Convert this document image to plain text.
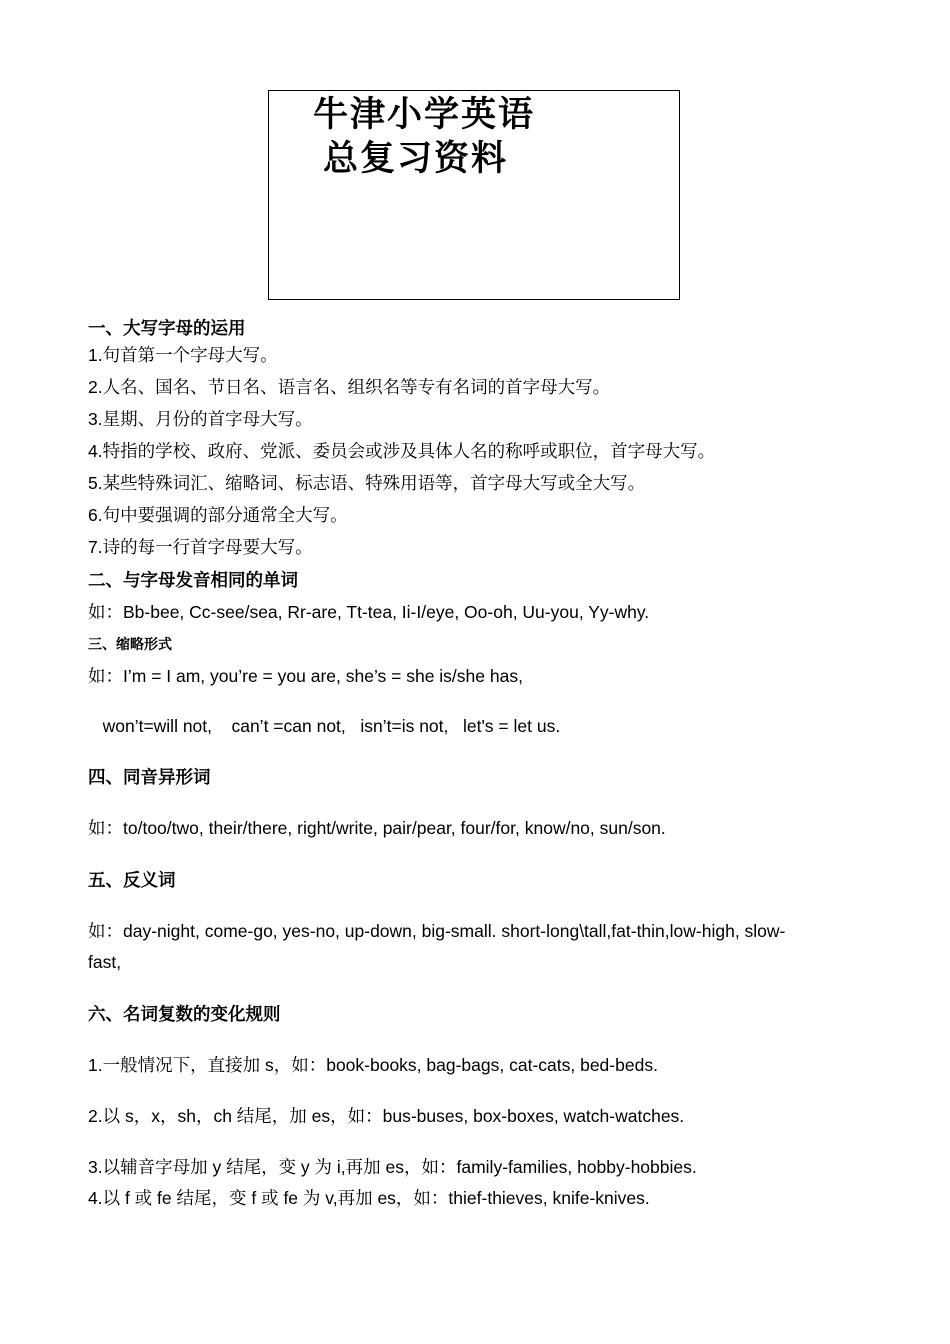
牛津小学英语
总复习资料
一、大写字母的运用
1.句首第一个字母大写。
2.人名、国名、节日名、语言名、组织名等专有名词的首字母大写。
3.星期、月份的首字母大写。
4.特指的学校、政府、党派、委员会或涉及具体人名的称呼或职位，首字母大写。
5.某些特殊词汇、缩略词、标志语、特殊用语等，首字母大写或全大写。
6.句中要强调的部分通常全大写。
7.诗的每一行首字母要大写。
二、与字母发音相同的单词
如：Bb-bee, Cc-see/sea, Rr-are, Tt-tea, Ii-I/eye, Oo-oh, Uu-you, Yy-why.
三、缩略形式
如：I’m = I am, you’re = you are, she’s = she is/she has,
won’t=will not,    can’t =can not,   isn’t=is not,   let's = let us.
四、同音异形词
如：to/too/two, their/there, right/write, pair/pear, four/for, know/no, sun/son.
五、反义词
如：day-night, come-go, yes-no, up-down, big-small. short-long\tall,fat-thin,low-high, slow-
fast,
六、名词复数的变化规则
1.一般情况下，直接加 s，如：book-books, bag-bags, cat-cats, bed-beds.
2.以 s，x，sh，ch 结尾，加 es，如：bus-buses, box-boxes, watch-watches.
3.以辅音字母加 y 结尾，变 y 为 i,再加 es，如：family-families, hobby-hobbies.
4.以 f 或 fe 结尾，变 f 或 fe 为 v,再加 es，如：thief-thieves, knife-knives.
